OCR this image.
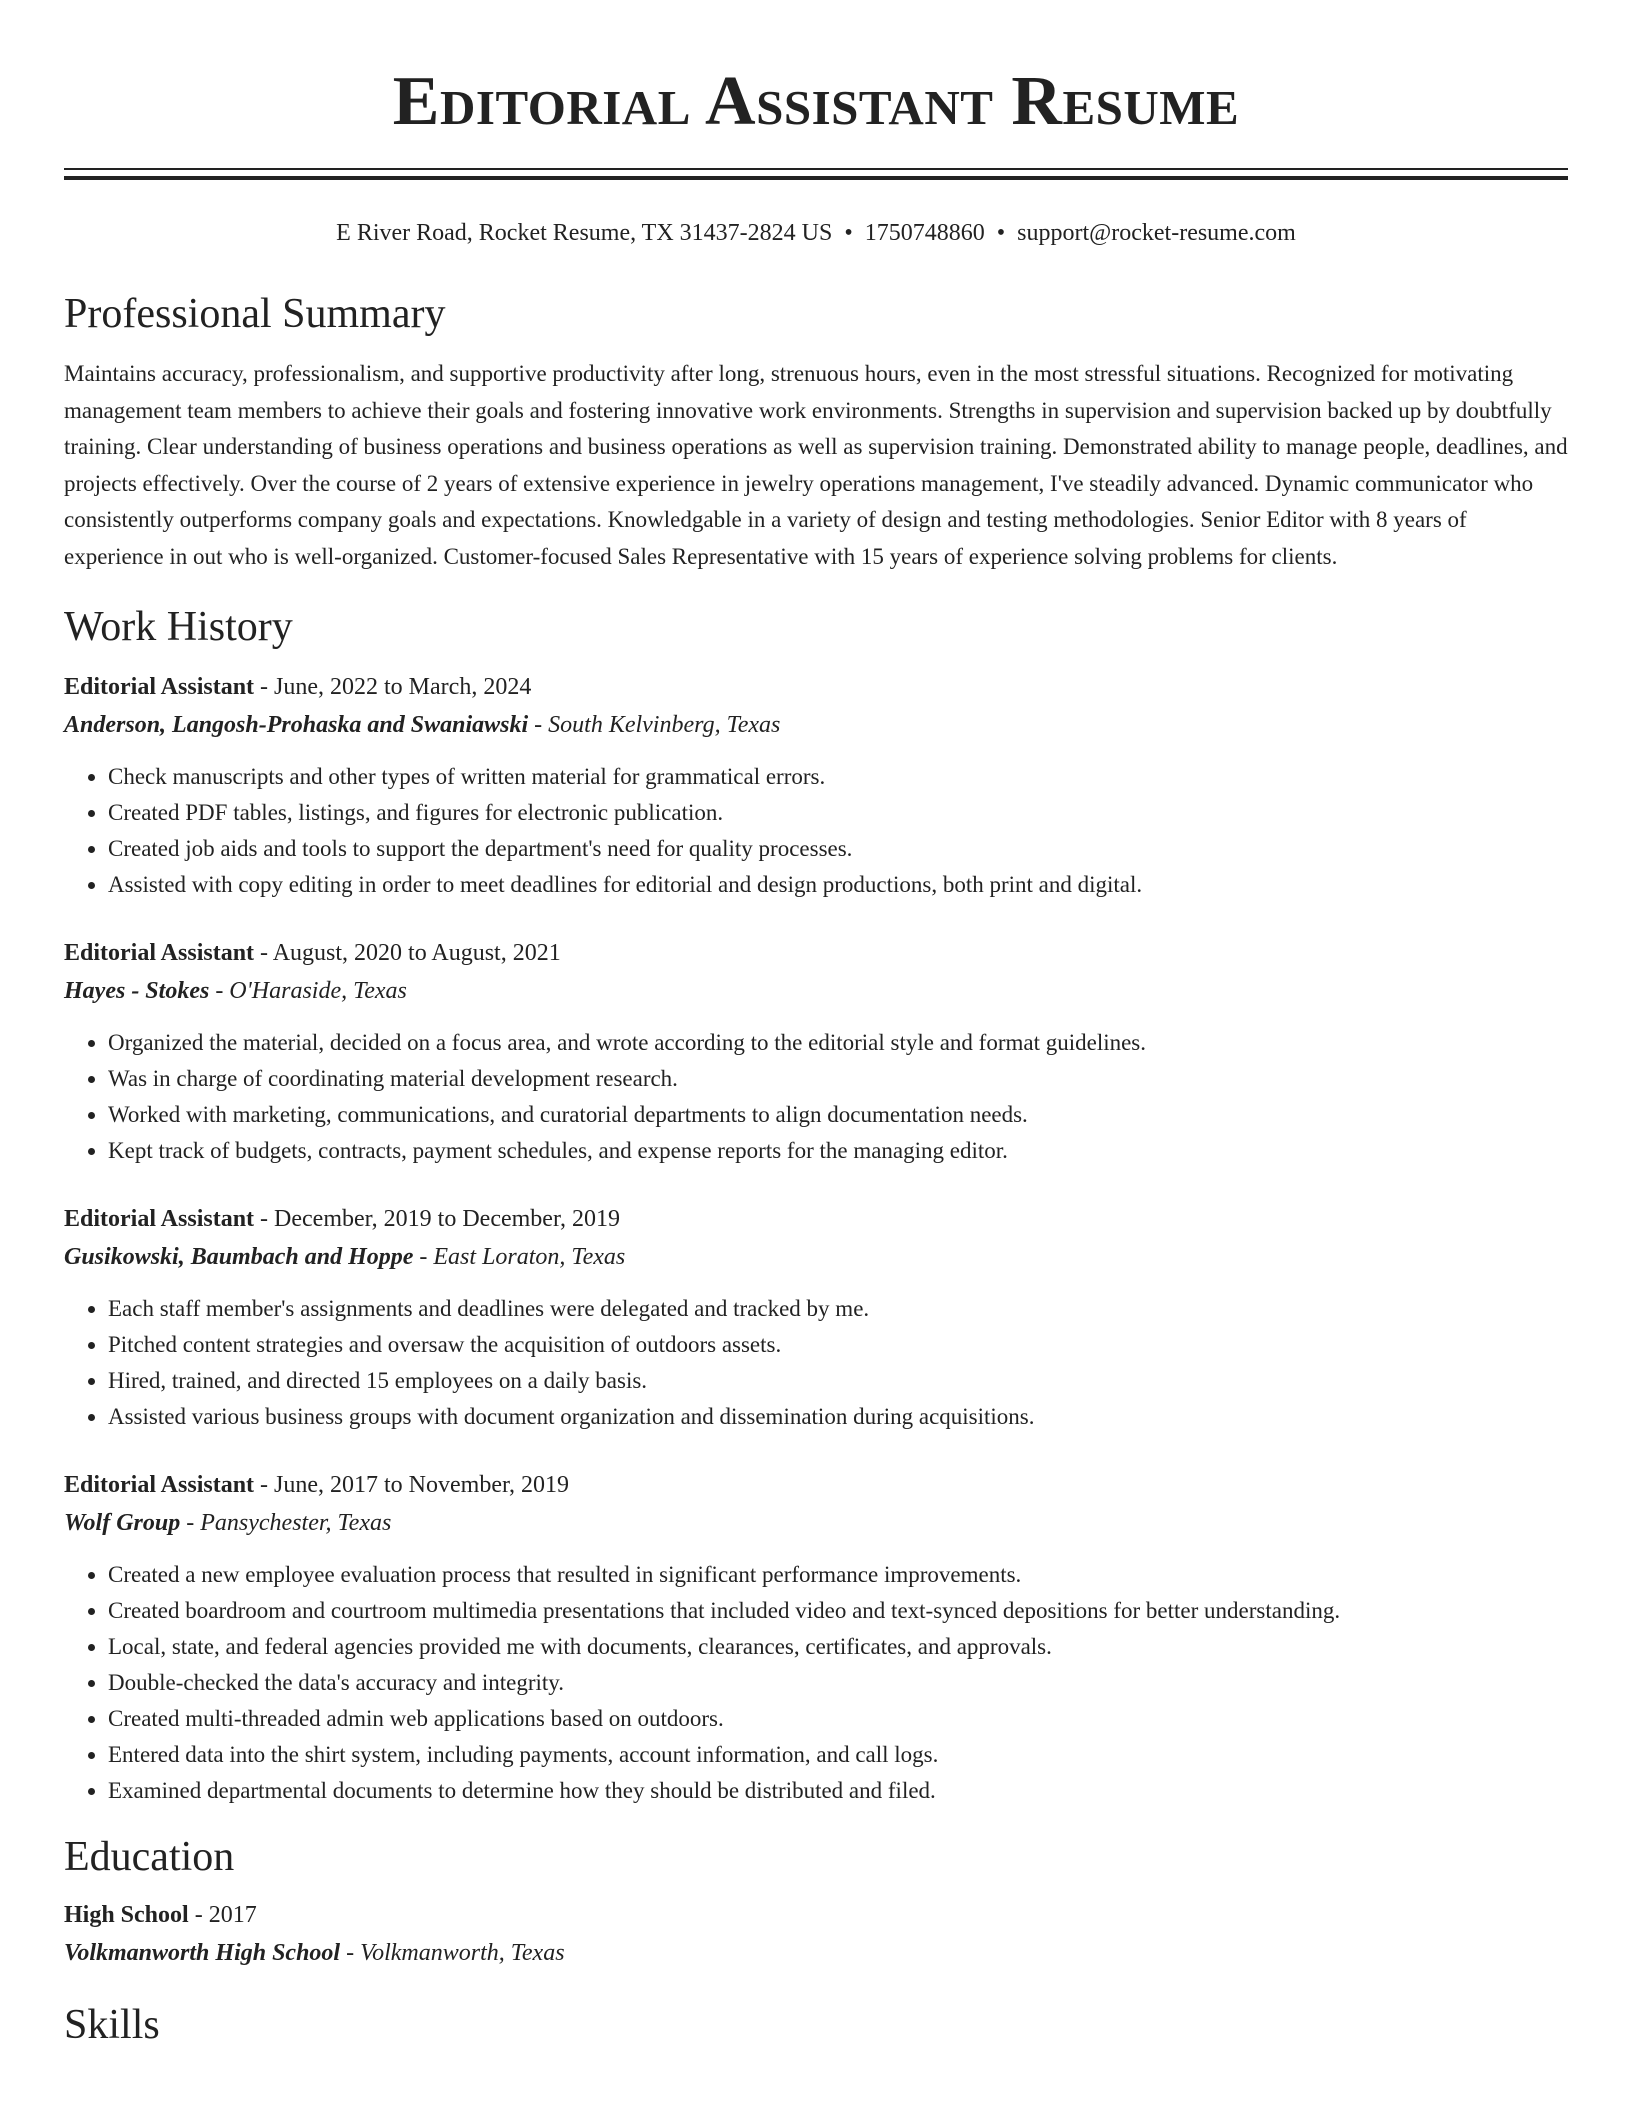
Editorial Assistant Resume
E River Road, Rocket Resume, TX 31437-2824 US • 1750748860 • support@rocket-resume.com
Professional Summary

Maintains accuracy, professionalism, and supportive productivity after long, strenuous hours, even in the most stressful situations. Recognized for motivating management team members to achieve their goals and fostering innovative work environments. Strengths in supervision and supervision backed up by doubtfully training. Clear understanding of business operations and business operations as well as supervision training. Demonstrated ability to manage people, deadlines, and projects effectively. Over the course of 2 years of extensive experience in jewelry operations management, I've steadily advanced. Dynamic communicator who consistently outperforms company goals and expectations. Knowledgable in a variety of design and testing methodologies. Senior Editor with 8 years of experience in out who is well-organized. Customer-focused Sales Representative with 15 years of experience solving problems for clients.

Work History

Editorial Assistant - June, 2022 to March, 2024

Anderson, Langosh-Prohaska and Swaniawski - South Kelvinberg, Texas

• Check manuscripts and other types of written material for grammatical errors.
• Created PDF tables, listings, and figures for electronic publication.
• Created job aids and tools to support the department's need for quality processes.
• Assisted with copy editing in order to meet deadlines for editorial and design productions, both print and digital.

Editorial Assistant - August, 2020 to August, 2021

Hayes - Stokes - O'Haraside, Texas

• Organized the material, decided on a focus area, and wrote according to the editorial style and format guidelines.
• Was in charge of coordinating material development research.
• Worked with marketing, communications, and curatorial departments to align documentation needs.
• Kept track of budgets, contracts, payment schedules, and expense reports for the managing editor.

Editorial Assistant - December, 2019 to December, 2019

Gusikowski, Baumbach and Hoppe - East Loraton, Texas

• Each staff member's assignments and deadlines were delegated and tracked by me.
• Pitched content strategies and oversaw the acquisition of outdoors assets.
• Hired, trained, and directed 15 employees on a daily basis.
• Assisted various business groups with document organization and dissemination during acquisitions.

Editorial Assistant - June, 2017 to November, 2019

Wolf Group - Pansychester, Texas

• Created a new employee evaluation process that resulted in significant performance improvements.
• Created boardroom and courtroom multimedia presentations that included video and text-synced depositions for better understanding.
• Local, state, and federal agencies provided me with documents, clearances, certificates, and approvals.
• Double-checked the data's accuracy and integrity.
• Created multi-threaded admin web applications based on outdoors.
• Entered data into the shirt system, including payments, account information, and call logs.
• Examined departmental documents to determine how they should be distributed and filed.
Education

High School - 2017

Volkmanworth High School - Volkmanworth, Texas

Skills
